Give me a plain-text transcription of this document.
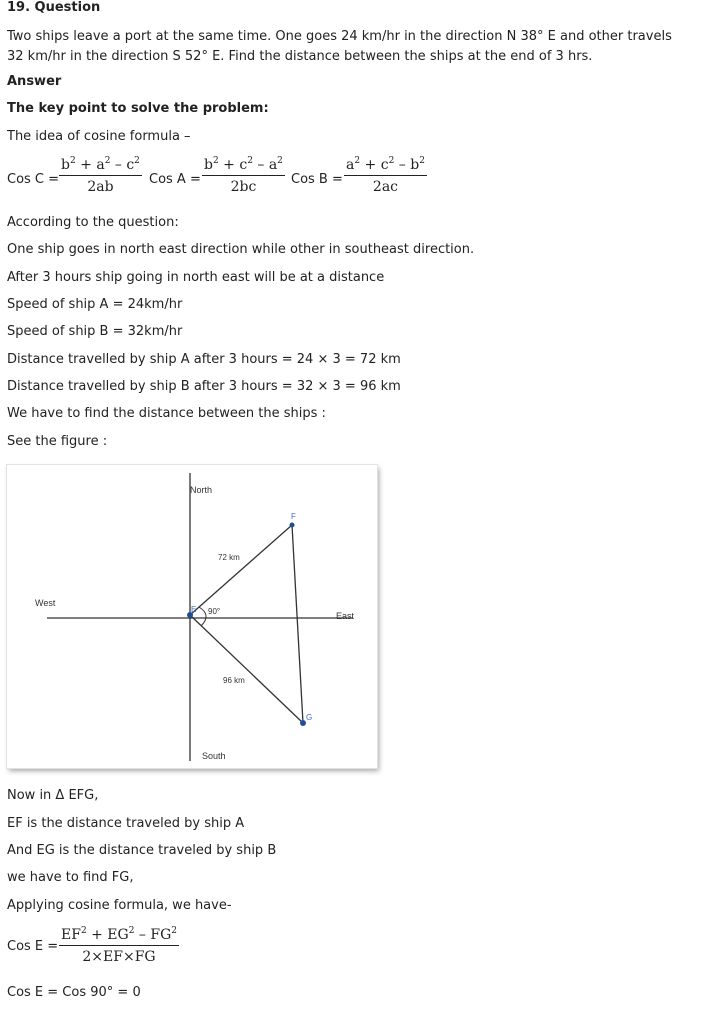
19. Question
Two ships leave a port at the same time. One goes 24 km/hr in the direction N 38° E and other travels 32 km/hr in the direction S 52° E. Find the distance between the ships at the end of 3 hrs.
Answer
The key point to solve the problem:
The idea of cosine formula –
Cos $C = \frac{b^2 + a^2 - c^2}{2ab}$ Cos $A = \frac{b^2 + c^2 - a^2}{2bc}$ Cos $B = \frac{a^2 + c^2 - b^2}{2ac}$
According to the question:
One ship goes in north east direction while other in southeast direction.
After 3 hours ship going in north east will be at a distance
Speed of ship A = 24km/hr
Speed of ship B = 32km/hr
Distance travelled by ship A after 3 hours = 24 × 3 = 72 km
Distance travelled by ship B after 3 hours = 32 × 3 = 96 km
We have to find the distance between the ships :
See the figure :
North
South
West
East
E
F
G
72 km
96 km
90°
Now in Δ EFG,
EF is the distance traveled by ship A
And EG is the distance traveled by ship B
we have to find FG,
Applying cosine formula, we have-
Cos $E = \frac{EF^2 + EG^2 - FG^2}{2\times EF\times FG}$
Cos E = Cos 90° = 0
